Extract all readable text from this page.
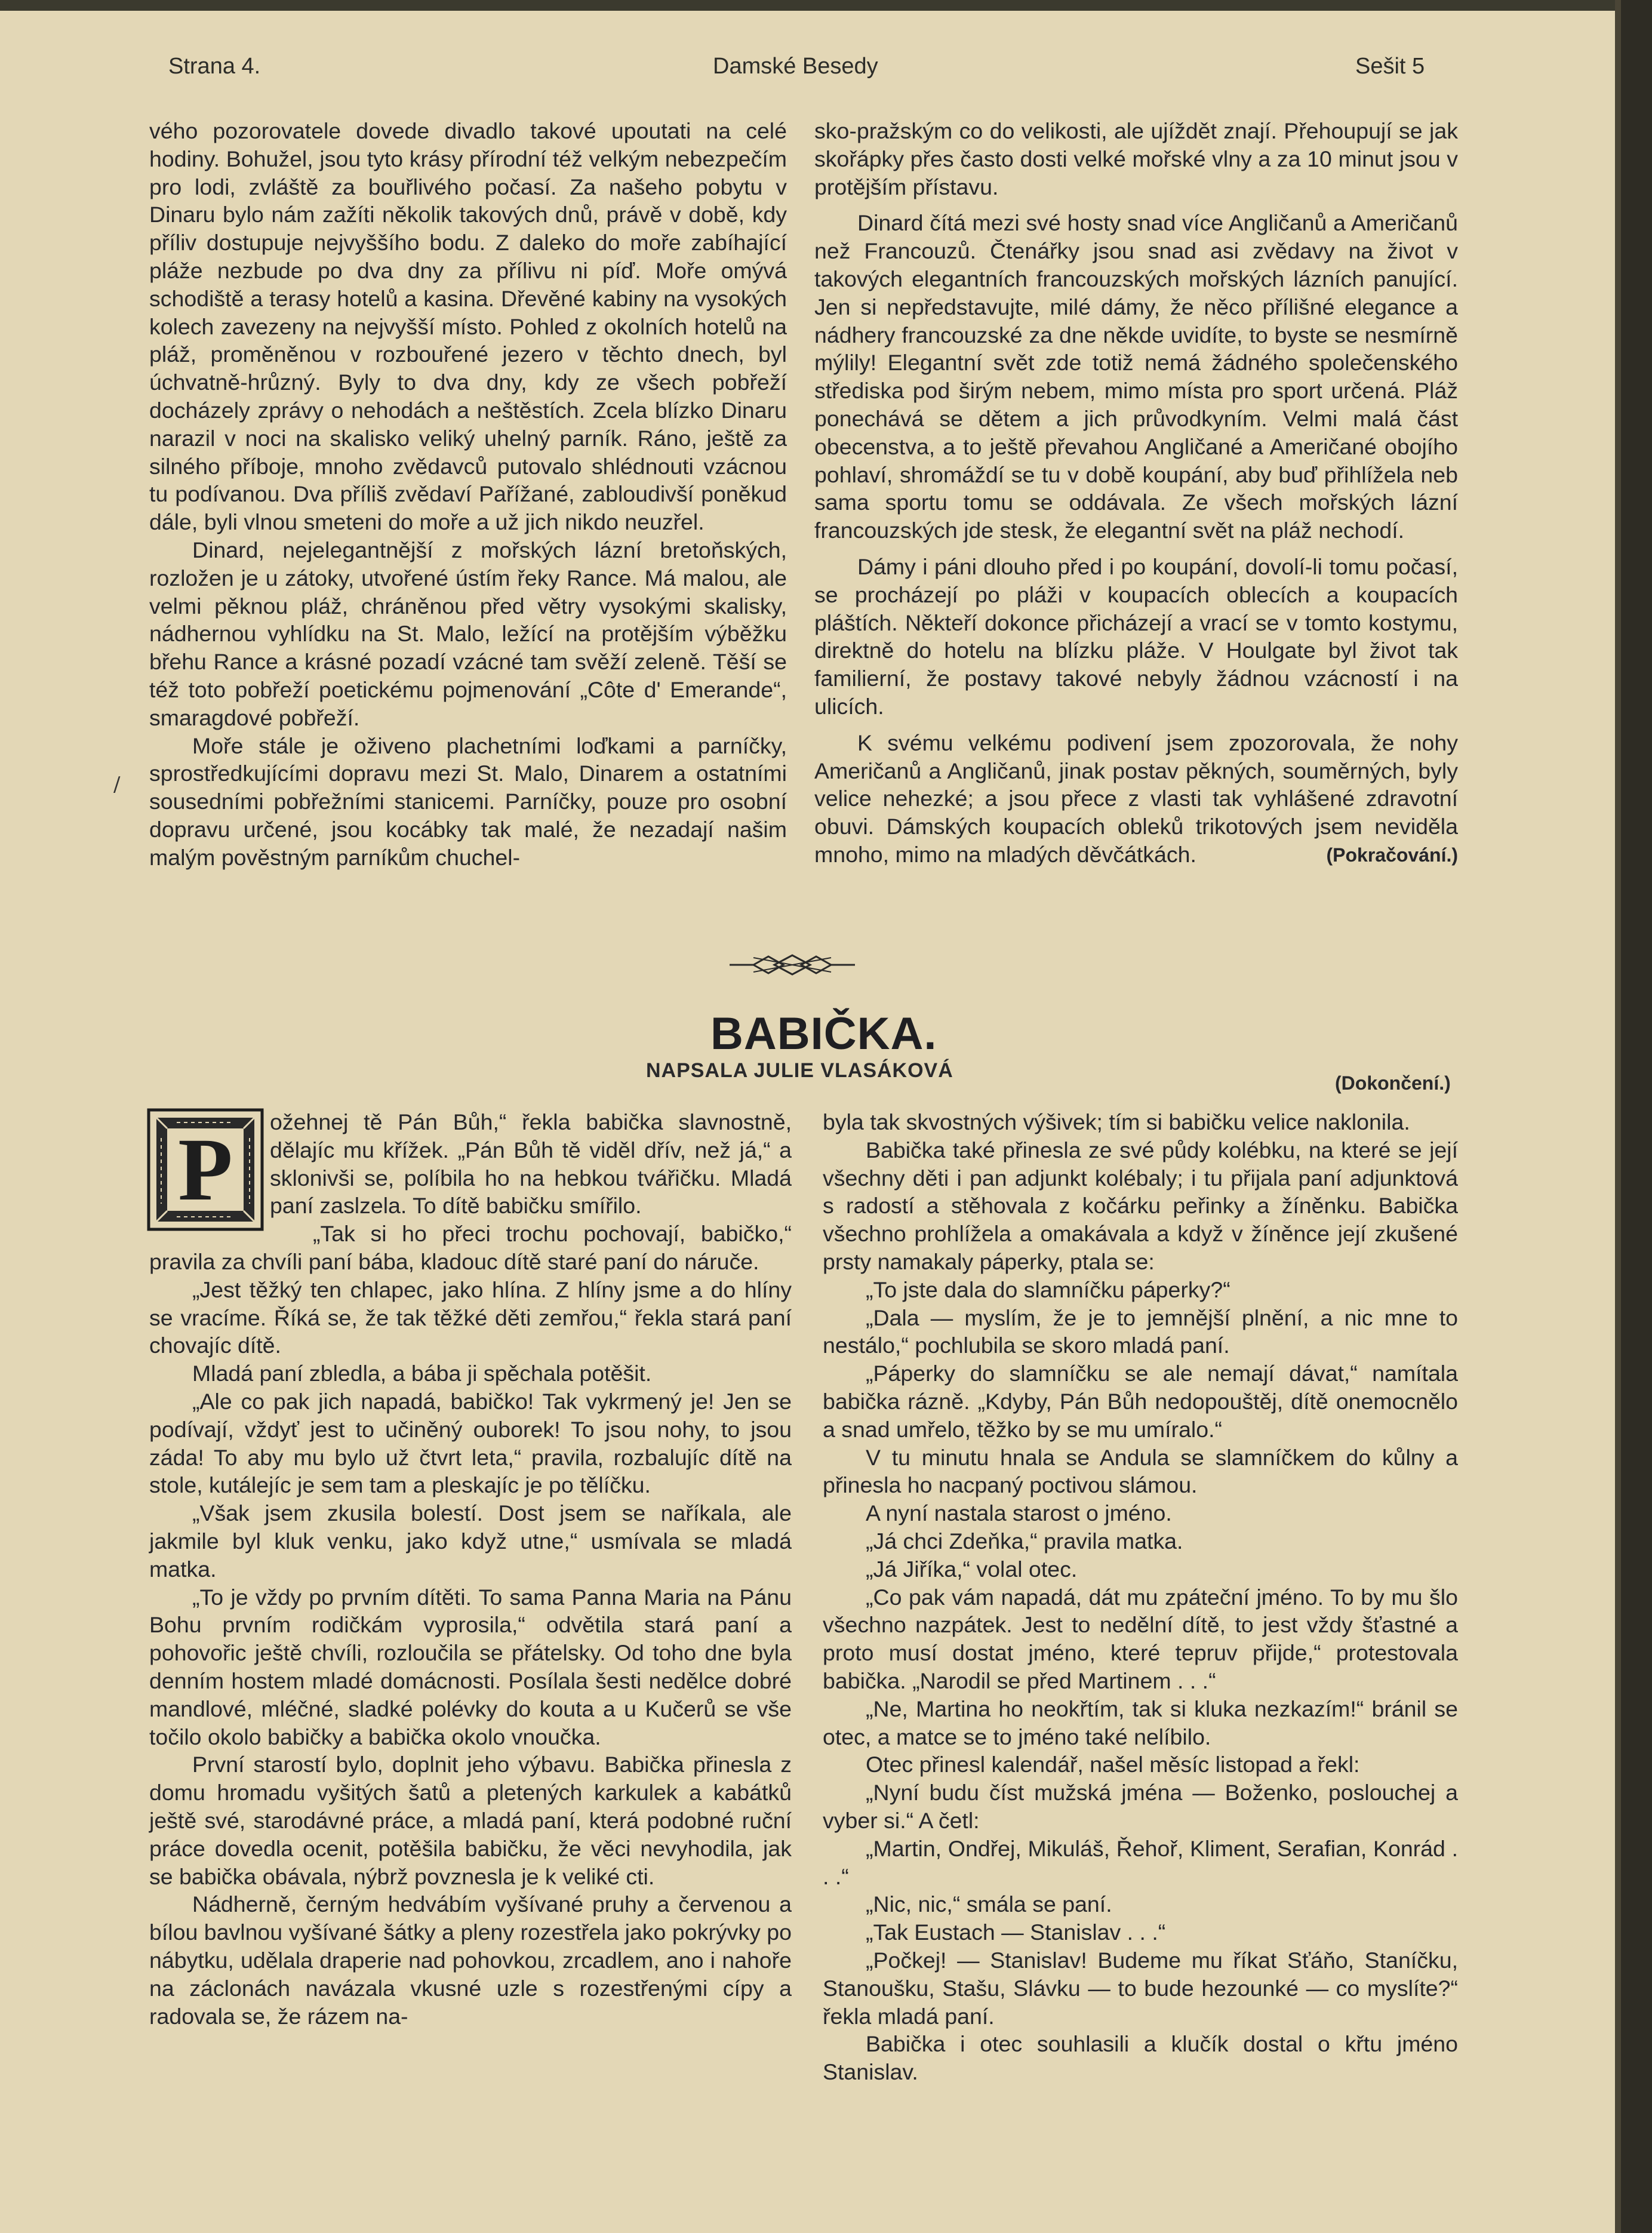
Strana 4.	Damské Besedy	Sešit 5

vého pozorovatele dovede divadlo takové upoutati na celé hodiny. Bohužel, jsou tyto krásy přírodní též velkým nebezpečím pro lodi, zvláště za bouřlivého počasí. Za našeho pobytu v Dinaru bylo nám zažíti několik takových dnů, právě v době, kdy příliv dostupuje nejvyššího bodu. Z daleko do moře zabíhající pláže nezbude po dva dny za přílivu ni píď. Moře omývá schodiště a terasy hotelů a kasina. Dřevěné kabiny na vysokých kolech zavezeny na nejvyšší místo. Pohled z okolních hotelů na pláž, proměněnou v rozbouřené jezero v těchto dnech, byl úchvatně-hrůzný. Byly to dva dny, kdy ze všech pobřeží docházely zprávy o nehodách a neštěstích. Zcela blízko Dinaru narazil v noci na skalisko veliký uhelný parník. Ráno, ještě za silného příboje, mnoho zvědavců putovalo shlédnouti vzácnou tu podívanou. Dva příliš zvědaví Pařížané, zabloudivší poněkud dále, byli vlnou smeteni do moře a už jich nikdo neuzřel.

Dinard, nejelegantnější z mořských lázní bretoňských, rozložen je u zátoky, utvořené ústím řeky Rance. Má malou, ale velmi pěknou pláž, chráněnou před větry vysokými skalisky, nádhernou vyhlídku na St. Malo, ležící na protějším výběžku břehu Rance a krásné pozadí vzácné tam svěží zeleně. Těší se též toto pobřeží poetickému pojmenování „Côte d' Emerande“, smaragdové pobřeží.

Moře stále je oživeno plachetními loďkami a parníčky, sprostředkujícími dopravu mezi St. Malo, Dinarem a ostatními sousedními pobřežními stanicemi. Parníčky, pouze pro osobní dopravu určené, jsou kocábky tak malé, že nezadají našim malým pověstným parníkům chuchel-

/

sko-pražským co do velikosti, ale ujíždět znají. Přehoupují se jak skořápky přes často dosti velké mořské vlny a za 10 minut jsou v protějším přístavu.

Dinard čítá mezi své hosty snad více Angličanů a Američanů než Francouzů. Čtenářky jsou snad asi zvědavy na život v takových elegantních francouzských mořských lázních panující. Jen si nepředstavujte, milé dámy, že něco přílišné elegance a nádhery francouzské za dne někde uvidíte, to byste se nesmírně mýlily! Elegantní svět zde totiž nemá žádného společenského střediska pod širým nebem, mimo místa pro sport určená. Pláž ponechává se dětem a jich průvodkyním. Velmi malá část obecenstva, a to ještě převahou Angličané a Američané obojího pohlaví, shromáždí se tu v době koupání, aby buď přihlížela neb sama sportu tomu se oddávala. Ze všech mořských lázní francouzských jde stesk, že elegantní svět na pláž nechodí.

Dámy i páni dlouho před i po koupání, dovolí-li tomu počasí, se procházejí po pláži v koupacích oblecích a koupacích pláštích. Někteří dokonce přicházejí a vrací se v tomto kostymu, direktně do hotelu na blízku pláže. V Houlgate byl život tak familierní, že postavy takové nebyly žádnou vzácností i na ulicích.

K svému velkému podivení jsem zpozorovala, že nohy Američanů a Angličanů, jinak postav pěkných, souměrných, byly velice nehezké; a jsou přece z vlasti tak vyhlášené zdravotní obuvi. Dámských koupacích obleků trikotových jsem neviděla mnoho, mimo na mladých děvčátkách.	(Pokračování.)
BABIČKA.
NAPSALA JULIE VLASÁKOVÁ
(Dokončení.)
P	ožehnej tě Pán Bůh,“ řekla babička slavnostně, dělajíc mu křížek. „Pán Bůh tě viděl dřív, než já,“ a sklonivši se, políbila ho na hebkou tvářičku. Mladá paní zaslzela. To dítě babičku smířilo.

„Tak si ho přeci trochu pochovají, babičko,“ pravila za chvíli paní bába, kladouc dítě staré paní do náruče.

„Jest těžký ten chlapec, jako hlína. Z hlíny jsme a do hlíny se vracíme. Říká se, že tak těžké děti zemřou,“ řekla stará paní chovajíc dítě.

Mladá paní zbledla, a bába ji spěchala potěšit.

„Ale co pak jich napadá, babičko! Tak vykrmený je! Jen se podívají, vždyť jest to učiněný ouborek! To jsou nohy, to jsou záda! To aby mu bylo už čtvrt leta,“ pravila, rozbalujíc dítě na stole, kutálejíc je sem tam a pleskajíc je po tělíčku.

„Však jsem zkusila bolestí. Dost jsem se naříkala, ale jakmile byl kluk venku, jako když utne,“ usmívala se mladá matka.

„To je vždy po prvním dítěti. To sama Panna Maria na Pánu Bohu prvním rodičkám vyprosila,“ odvětila stará paní a pohovořic ještě chvíli, rozloučila se přátelsky. Od toho dne byla denním hostem mladé domácnosti. Posílala šesti nedělce dobré mandlové, mléčné, sladké polévky do kouta a u Kučerů se vše točilo okolo babičky a babička okolo vnoučka.

První starostí bylo, doplnit jeho výbavu. Babička přinesla z domu hromadu vyšitých šatů a pletených karkulek a kabátků ještě své, starodávné práce, a mladá paní, která podobné ruční práce dovedla ocenit, potěšila babičku, že věci nevyhodila, jak se babička obávala, nýbrž povznesla je k veliké cti.

Nádherně, černým hedvábím vyšívané pruhy a červenou a bílou bavlnou vyšívané šátky a pleny rozestřela jako pokrývky po nábytku, udělala draperie nad pohovkou, zrcadlem, ano i nahoře na záclonách navázala vkusné uzle s rozestřenými cípy a radovala se, že rázem na-

byla tak skvostných výšivek; tím si babičku velice naklonila.

Babička také přinesla ze své půdy kolébku, na které se její všechny děti i pan adjunkt kolébaly; i tu přijala paní adjunktová s radostí a stěhovala z kočárku peřinky a žíněnku. Babička všechno prohlížela a omakávala a když v žíněnce její zkušené prsty namakaly páperky, ptala se:

„To jste dala do slamníčku páperky?“

„Dala — myslím, že je to jemnější plnění, a nic mne to nestálo,“ pochlubila se skoro mladá paní.

„Páperky do slamníčku se ale nemají dávat,“ namítala babička rázně. „Kdyby, Pán Bůh nedopouštěj, dítě onemocnělo a snad umřelo, těžko by se mu umíralo.“

V tu minutu hnala se Andula se slamníčkem do kůlny a přinesla ho nacpaný poctivou slámou.

A nyní nastala starost o jméno.

„Já chci Zdeňka,“ pravila matka.

„Já Jiříka,“ volal otec.

„Co pak vám napadá, dát mu zpáteční jméno. To by mu šlo všechno nazpátek. Jest to nedělní dítě, to jest vždy šťastné a proto musí dostat jméno, které tepruv přijde,“ protestovala babička. „Narodil se před Martinem . . .“

„Ne, Martina ho neokřtím, tak si kluka nezkazím!“ bránil se otec, a matce se to jméno také nelíbilo.

Otec přinesl kalendář, našel měsíc listopad a řekl:

„Nyní budu číst mužská jména — Boženko, poslouchej a vyber si.“ A četl:

„Martin, Ondřej, Mikuláš, Řehoř, Kliment, Serafian, Konrád . . .“

„Nic, nic,“ smála se paní.

„Tak Eustach — Stanislav . . .“

„Počkej! — Stanislav! Budeme mu říkat Sťáňo, Staníčku, Stanoušku, Stašu, Slávku — to bude hezounké — co myslíte?“ řekla mladá paní.

Babička i otec souhlasili a klučík dostal o křtu jméno Stanislav.
